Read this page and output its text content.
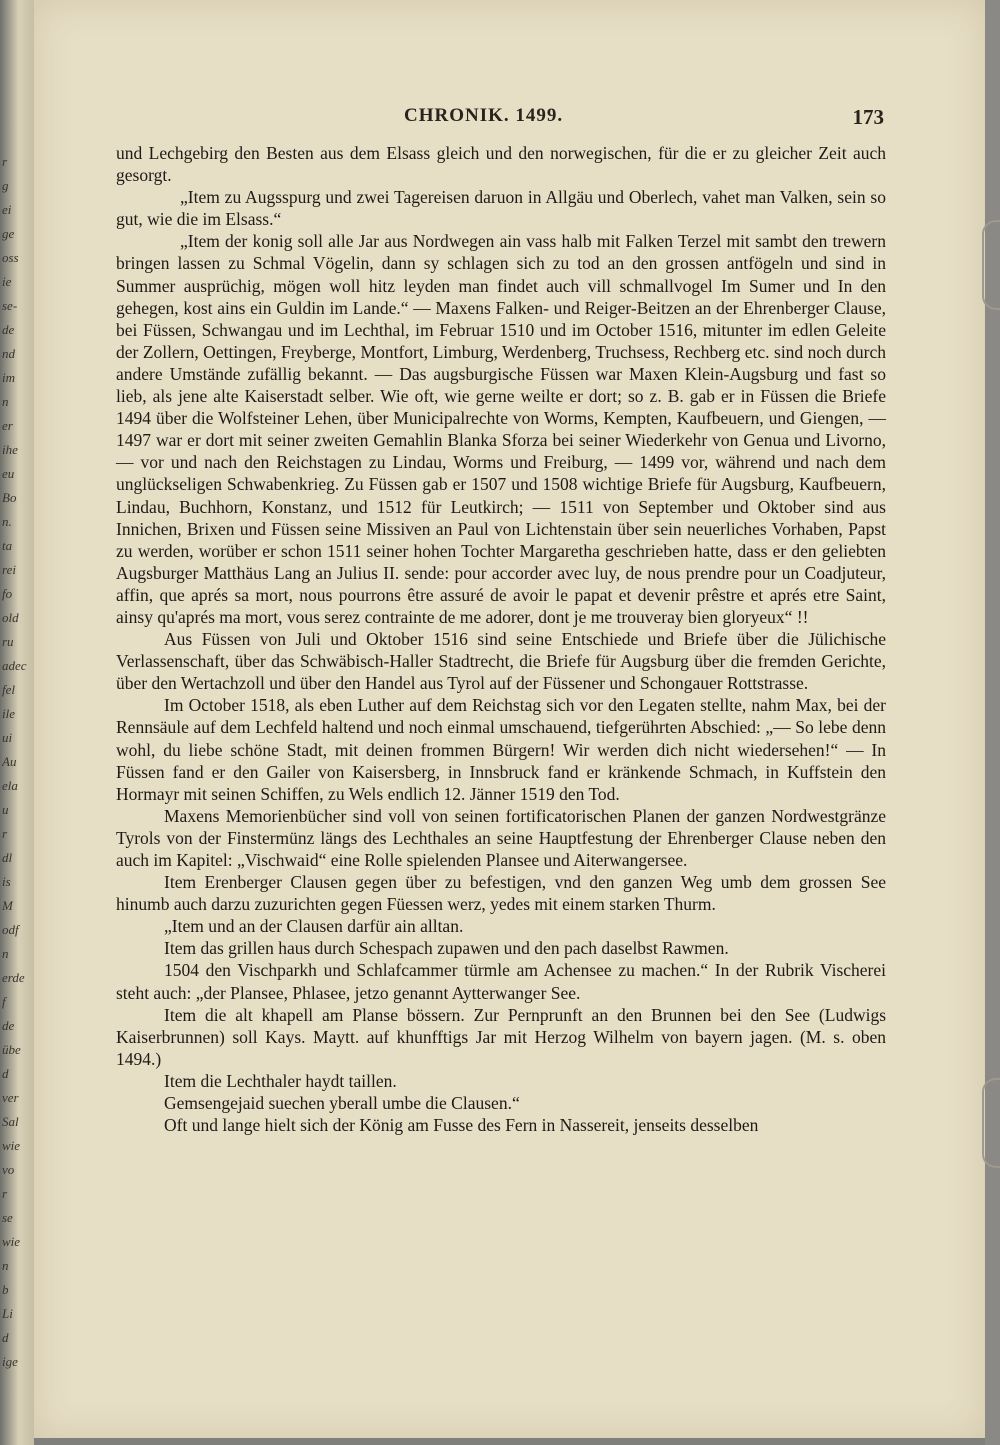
r
g
ei
ge
oss
ie
se-
de
nd
im
n
er
ihe
eu
Bo
n.
ta
rei
fo
old
ru
adec
fel
ile
ui
Au
ela
u
r
dl
is
M
odf
n
erde
f
de
übe
d
ver
Sal
wie
vo
r
se
wie
n
b
Li
d
ige
CHRONIK. 1499.	173

und Lechgebirg den Besten aus dem Elsass gleich und den norwegischen, für die er zu gleicher Zeit auch gesorgt.

„Item zu Augsspurg und zwei Tagereisen daruon in Allgäu und Oberlech, vahet man Valken, sein so gut, wie die im Elsass.“

„Item der konig soll alle Jar aus Nordwegen ain vass halb mit Falken Terzel mit sambt den trewern bringen lassen zu Schmal Vögelin, dann sy schlagen sich zu tod an den grossen antfögeln und sind in Summer ausprüchig, mögen woll hitz leyden man findet auch vill schmallvogel Im Sumer und In den gehegen, kost ains ein Guldin im Lande.“ — Maxens Falken- und Reiger-Beitzen an der Ehrenberger Clause, bei Füssen, Schwangau und im Lechthal, im Februar 1510 und im October 1516, mitunter im edlen Geleite der Zollern, Oettingen, Freyberge, Montfort, Limburg, Werdenberg, Truchsess, Rechberg etc. sind noch durch andere Umstände zufällig bekannt. — Das augsburgische Füssen war Maxen Klein-Augsburg und fast so lieb, als jene alte Kaiserstadt selber. Wie oft, wie gerne weilte er dort; so z. B. gab er in Füssen die Briefe 1494 über die Wolfsteiner Lehen, über Municipalrechte von Worms, Kempten, Kaufbeuern, und Giengen, — 1497 war er dort mit seiner zweiten Gemahlin Blanka Sforza bei seiner Wiederkehr von Genua und Livorno, — vor und nach den Reichstagen zu Lindau, Worms und Freiburg, — 1499 vor, während und nach dem unglückseligen Schwabenkrieg. Zu Füssen gab er 1507 und 1508 wichtige Briefe für Augsburg, Kaufbeuern, Lindau, Buchhorn, Konstanz, und 1512 für Leutkirch; — 1511 von September und Oktober sind aus Innichen, Brixen und Füssen seine Missiven an Paul von Lichtenstain über sein neuerliches Vorhaben, Papst zu werden, worüber er schon 1511 seiner hohen Tochter Margaretha geschrieben hatte, dass er den geliebten Augsburger Matthäus Lang an Julius II. sende: pour accorder avec luy, de nous prendre pour un Coadjuteur, affin, que aprés sa mort, nous pourrons être assuré de avoir le papat et devenir prêstre et aprés etre Saint, ainsy qu'aprés ma mort, vous serez contrainte de me adorer, dont je me trouveray bien gloryeux“ !!

Aus Füssen von Juli und Oktober 1516 sind seine Entschiede und Briefe über die Jülichische Verlassenschaft, über das Schwäbisch-Haller Stadtrecht, die Briefe für Augsburg über die fremden Gerichte, über den Wertachzoll und über den Handel aus Tyrol auf der Füssener und Schongauer Rottstrasse.

Im October 1518, als eben Luther auf dem Reichstag sich vor den Legaten stellte, nahm Max, bei der Rennsäule auf dem Lechfeld haltend und noch einmal umschauend, tiefgerührten Abschied: „— So lebe denn wohl, du liebe schöne Stadt, mit deinen frommen Bürgern! Wir werden dich nicht wiedersehen!“ — In Füssen fand er den Gailer von Kaisersberg, in Innsbruck fand er kränkende Schmach, in Kuffstein den Hormayr mit seinen Schiffen, zu Wels endlich 12. Jänner 1519 den Tod.

Maxens Memorienbücher sind voll von seinen fortificatorischen Planen der ganzen Nordwestgränze Tyrols von der Finstermünz längs des Lechthales an seine Hauptfestung der Ehrenberger Clause neben den auch im Kapitel: „Vischwaid“ eine Rolle spielenden Plansee und Aiterwangersee.

Item Erenberger Clausen gegen über zu befestigen, vnd den ganzen Weg umb dem grossen See hinumb auch darzu zuzurichten gegen Füessen werz, yedes mit einem starken Thurm.

„Item und an der Clausen darfür ain alltan.

Item das grillen haus durch Schespach zupawen und den pach daselbst Rawmen.

1504 den Vischparkh und Schlafcammer türmle am Achensee zu machen.“ In der Rubrik Vischerei steht auch: „der Plansee, Phlasee, jetzo genannt Aytterwanger See.

Item die alt khapell am Planse bössern. Zur Pernprunft an den Brunnen bei den See (Ludwigs Kaiserbrunnen) soll Kays. Maytt. auf khunfftigs Jar mit Herzog Wilhelm von bayern jagen. (M. s. oben 1494.)

Item die Lechthaler haydt taillen.

Gemsengejaid suechen yberall umbe die Clausen.“

Oft und lange hielt sich der König am Fusse des Fern in Nassereit, jenseits desselben
